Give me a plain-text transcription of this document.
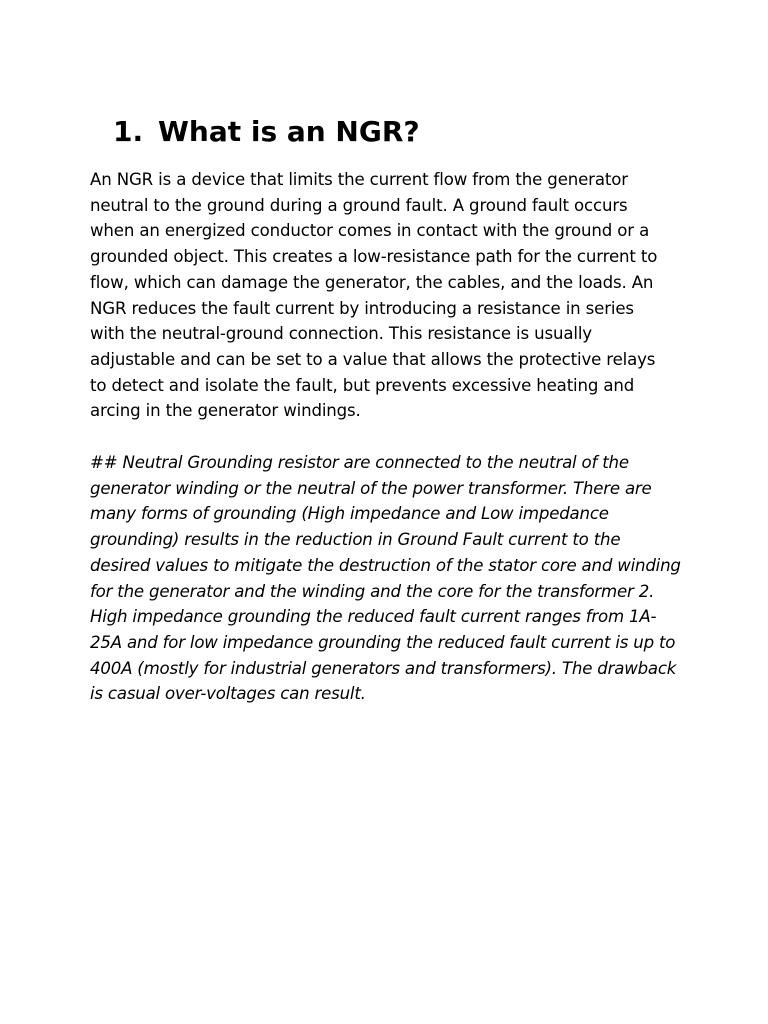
1. What is an NGR?

An NGR is a device that limits the current flow from the generator
neutral to the ground during a ground fault. A ground fault occurs
when an energized conductor comes in contact with the ground or a
grounded object. This creates a low-resistance path for the current to
flow, which can damage the generator, the cables, and the loads. An
NGR reduces the fault current by introducing a resistance in series
with the neutral-ground connection. This resistance is usually
adjustable and can be set to a value that allows the protective relays
to detect and isolate the fault, but prevents excessive heating and
arcing in the generator windings.

## Neutral Grounding resistor are connected to the neutral of the
generator winding or the neutral of the power transformer. There are
many forms of grounding (High impedance and Low impedance
grounding) results in the reduction in Ground Fault current to the
desired values to mitigate the destruction of the stator core and winding
for the generator and the winding and the core for the transformer 2.
High impedance grounding the reduced fault current ranges from 1A-
25A and for low impedance grounding the reduced fault current is up to
400A (mostly for industrial generators and transformers). The drawback
is casual over-voltages can result.
